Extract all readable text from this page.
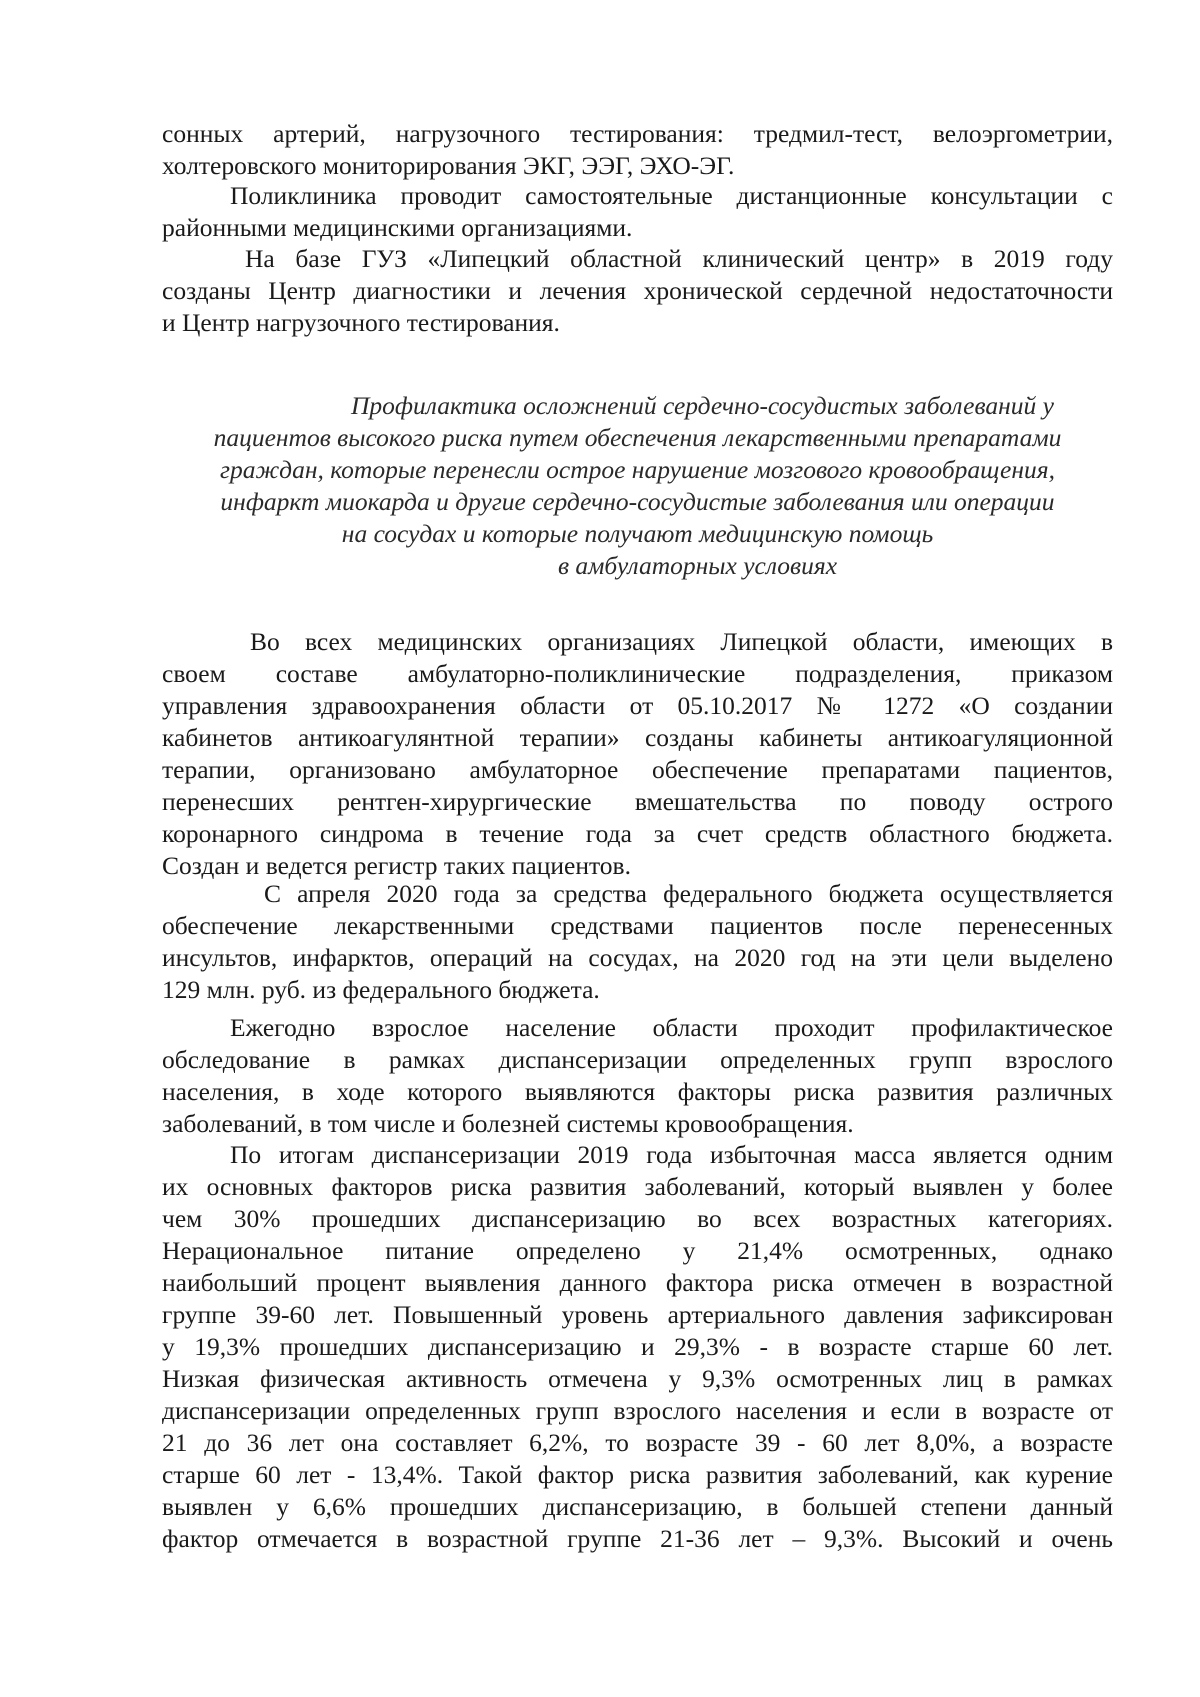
сонных артерий, нагрузочного тестирования: тредмил-тест, велоэргометрии,
холтеровского мониторирования ЭКГ, ЭЭГ, ЭХО-ЭГ.
Поликлиника проводит самостоятельные дистанционные консультации с
районными медицинскими организациями.
На базе ГУЗ «Липецкий областной клинический центр» в 2019 году
созданы Центр диагностики и лечения хронической сердечной недостаточности
и Центр нагрузочного тестирования.
Профилактика осложнений сердечно-сосудистых заболеваний у
пациентов высокого риска путем обеспечения лекарственными препаратами
граждан, которые перенесли острое нарушение мозгового кровообращения,
инфаркт миокарда и другие сердечно-сосудистые заболевания или операции
на сосудах и которые получают медицинскую помощь
в амбулаторных условиях
Во всех медицинских организациях Липецкой области, имеющих в
своем составе амбулаторно-поликлинические подразделения, приказом
управления здравоохранения области от 05.10.2017 № 1272 «О создании
кабинетов антикоагулянтной терапии» созданы кабинеты антикоагуляционной
терапии, организовано амбулаторное обеспечение препаратами пациентов,
перенесших рентген-хирургические вмешательства по поводу острого
коронарного синдрома в течение года за счет средств областного бюджета.
Создан и ведется регистр таких пациентов.
С апреля 2020 года за средства федерального бюджета осуществляется
обеспечение лекарственными средствами пациентов после перенесенных
инсультов, инфарктов, операций на сосудах, на 2020 год на эти цели выделено
129 млн. руб. из федерального бюджета.
Ежегодно взрослое население области проходит профилактическое
обследование в рамках диспансеризации определенных групп взрослого
населения, в ходе которого выявляются факторы риска развития различных
заболеваний, в том числе и болезней системы кровообращения.
По итогам диспансеризации 2019 года избыточная масса является одним
их основных факторов риска развития заболеваний, который выявлен у более
чем 30% прошедших диспансеризацию во всех возрастных категориях.
Нерациональное питание определено у 21,4% осмотренных, однако
наибольший процент выявления данного фактора риска отмечен в возрастной
группе 39-60 лет. Повышенный уровень артериального давления зафиксирован
у 19,3% прошедших диспансеризацию и 29,3% - в возрасте старше 60 лет.
Низкая физическая активность отмечена у 9,3% осмотренных лиц в рамках
диспансеризации определенных групп взрослого населения и если в возрасте от
21 до 36 лет она составляет 6,2%, то возрасте 39 - 60 лет 8,0%, а возрасте
старше 60 лет - 13,4%. Такой фактор риска развития заболеваний, как курение
выявлен у 6,6% прошедших диспансеризацию, в большей степени данный
фактор отмечается в возрастной группе 21-36 лет – 9,3%. Высокий и очень
